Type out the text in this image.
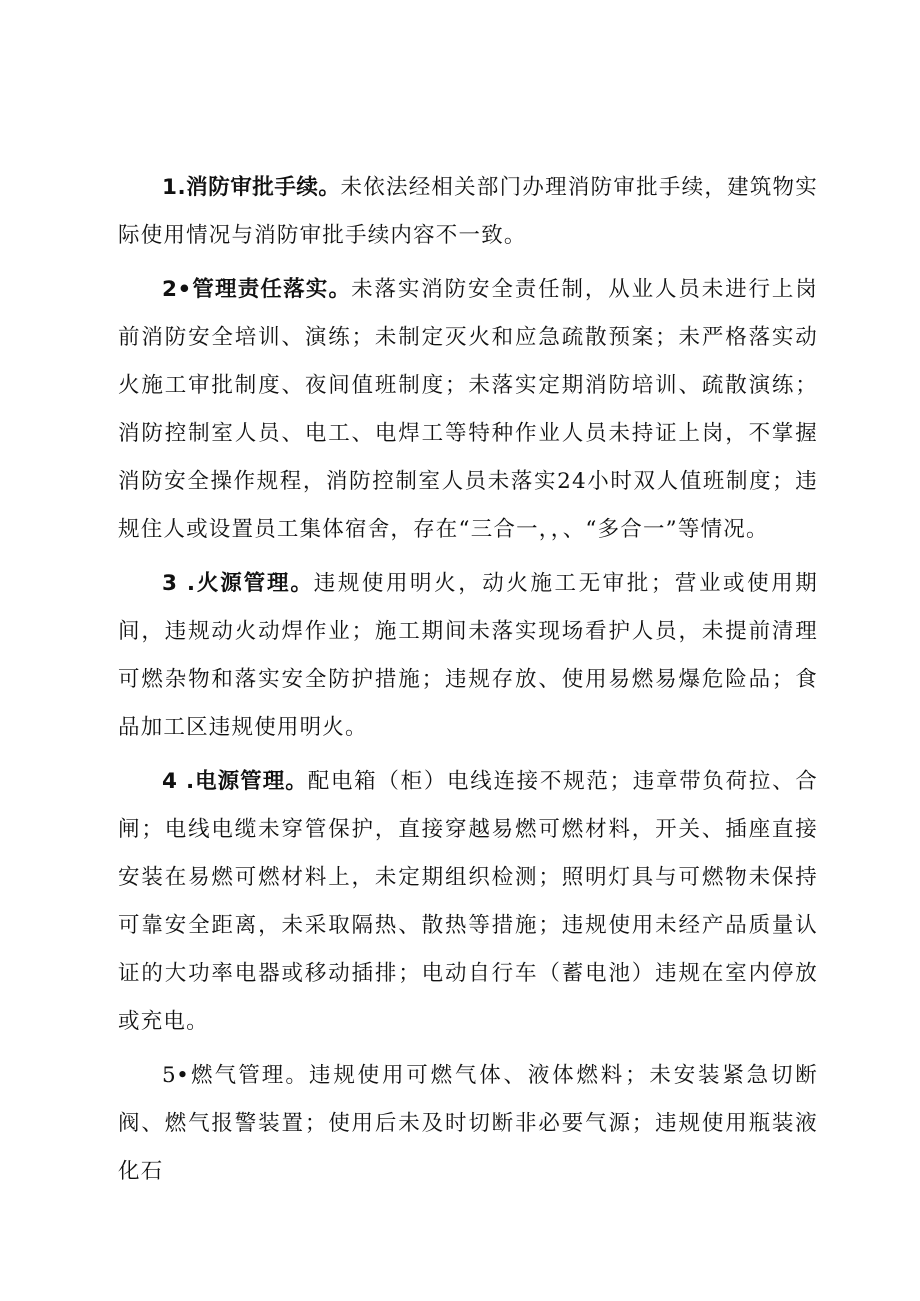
1.消防审批手续。未依法经相关部门办理消防审批手续，建筑物实际使用情况与消防审批手续内容不一致。

2•管理责任落实。未落实消防安全责任制，从业人员未进行上岗前消防安全培训、演练；未制定灭火和应急疏散预案；未严格落实动火施工审批制度、夜间值班制度；未落实定期消防培训、疏散演练；消防控制室人员、电工、电焊工等特种作业人员未持证上岗，不掌握消防安全操作规程，消防控制室人员未落实24小时双人值班制度；违规住人或设置员工集体宿舍，存在“三合一，，、“多合一”等情况。

3 .火源管理。违规使用明火，动火施工无审批；营业或使用期间，违规动火动焊作业；施工期间未落实现场看护人员，未提前清理可燃杂物和落实安全防护措施；违规存放、使用易燃易爆危险品；食品加工区违规使用明火。

4 .电源管理。配电箱（柜）电线连接不规范；违章带负荷拉、合闸；电线电缆未穿管保护，直接穿越易燃可燃材料，开关、插座直接安装在易燃可燃材料上，未定期组织检测；照明灯具与可燃物未保持可靠安全距离，未采取隔热、散热等措施；违规使用未经产品质量认证的大功率电器或移动插排；电动自行车（蓄电池）违规在室内停放或充电。

5•燃气管理。违规使用可燃气体、液体燃料；未安装紧急切断阀、燃气报警装置；使用后未及时切断非必要气源；违规使用瓶装液化石
